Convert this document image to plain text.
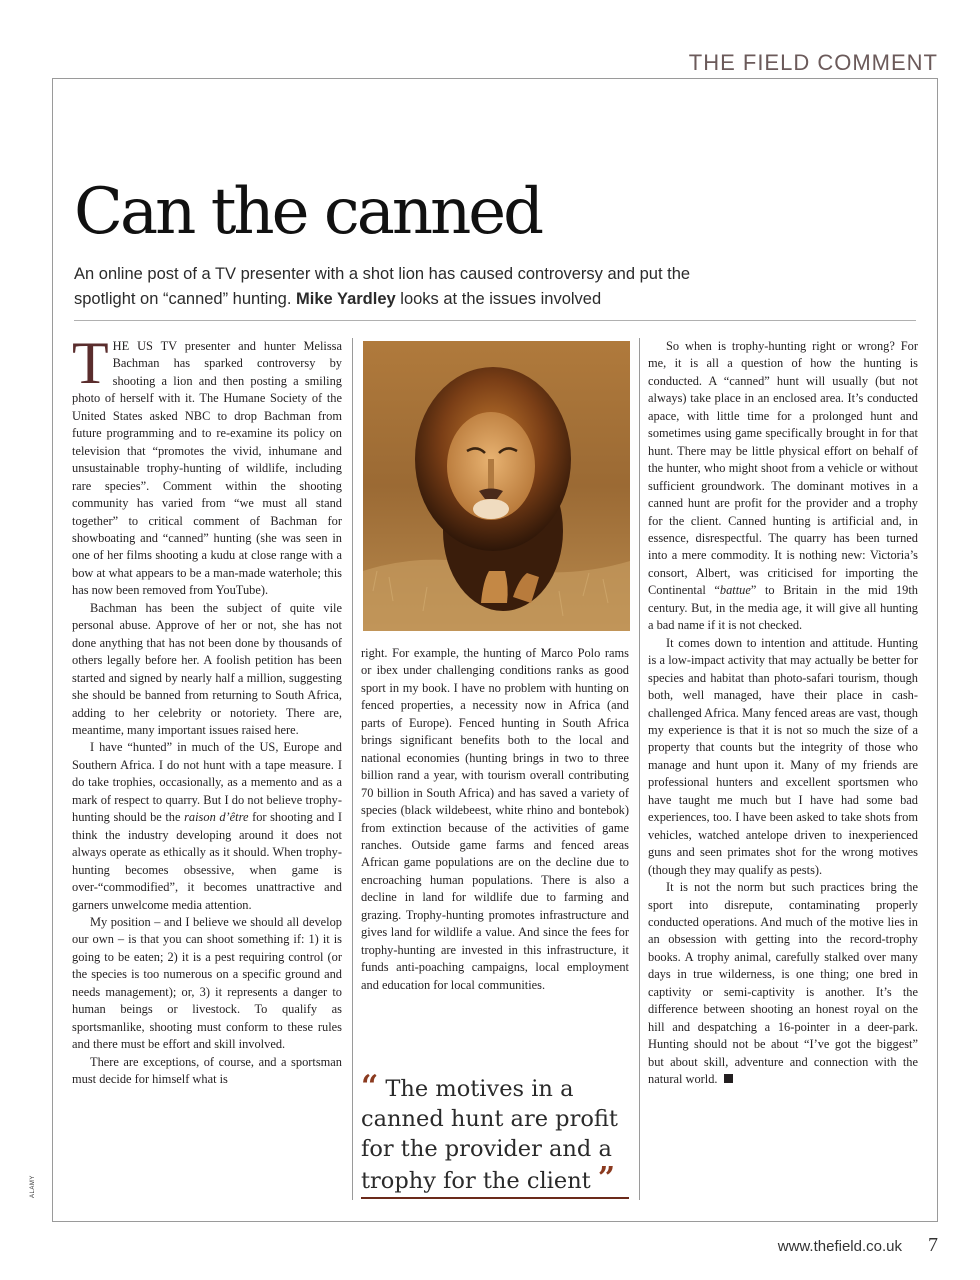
THE FIELD COMMENT
Can the canned

An online post of a TV presenter with a shot lion has caused controversy and put the spotlight on “canned” hunting. Mike Yardley looks at the issues involved

THE US TV presenter and hunter Melissa Bachman has sparked controversy by shooting a lion and then posting a smiling photo of herself with it. The Humane Society of the United States asked NBC to drop Bachman from future programming and to re-examine its policy on television that “promotes the vivid, inhumane and unsustainable trophy-hunting of wildlife, including rare species”. Comment within the shooting community has varied from “we must all stand together” to critical comment of Bachman for showboating and “canned” hunting (she was seen in one of her films shooting a kudu at close range with a bow at what appears to be a man-made waterhole; this has now been removed from YouTube).

Bachman has been the subject of quite vile personal abuse. Approve of her or not, she has not done anything that has not been done by thousands of others legally before her. A foolish petition has been started and signed by nearly half a million, suggesting she should be banned from returning to South Africa, adding to her celebrity or notoriety. There are, meantime, many important issues raised here.

I have “hunted” in much of the US, Europe and Southern Africa. I do not hunt with a tape measure. I do take trophies, occasionally, as a memento and as a mark of respect to quarry. But I do not believe trophy-hunting should be the raison d’être for shooting and I think the industry developing around it does not always operate as ethically as it should. When trophy-hunting becomes obsessive, when game is over-“commodified”, it becomes unattractive and garners unwelcome media attention.

My position – and I believe we should all develop our own – is that you can shoot something if: 1) it is going to be eaten; 2) it is a pest requiring control (or the species is too numerous on a specific ground and needs management); or, 3) it represents a danger to human beings or livestock. To qualify as sportsmanlike, shooting must conform to these rules and there must be effort and skill involved.

There are exceptions, of course, and a sportsman must decide for himself what is

right. For example, the hunting of Marco Polo rams or ibex under challenging conditions ranks as good sport in my book. I have no problem with hunting on fenced properties, a necessity now in Africa (and parts of Europe). Fenced hunting in South Africa brings significant benefits both to the local and national economies (hunting brings in two to three billion rand a year, with tourism overall contributing 70 billion in South Africa) and has saved a variety of species (black wildebeest, white rhino and bontebok) from extinction because of the activities of game ranches. Outside game farms and fenced areas African game populations are on the decline due to encroaching human populations. There is also a decline in land for wildlife due to farming and grazing. Trophy-hunting promotes infrastructure and gives land for wildlife a value. And since the fees for trophy-hunting are invested in this infrastructure, it funds anti-poaching campaigns, local employment and education for local communities.

“ The motives in a canned hunt are profit for the provider and a trophy for the client ”

So when is trophy-hunting right or wrong? For me, it is all a question of how the hunting is conducted. A “canned” hunt will usually (but not always) take place in an enclosed area. It’s conducted apace, with little time for a prolonged hunt and sometimes using game specifically brought in for that hunt. There may be little physical effort on behalf of the hunter, who might shoot from a vehicle or without sufficient groundwork. The dominant motives in a canned hunt are profit for the provider and a trophy for the client. Canned hunting is artificial and, in essence, disrespectful. The quarry has been turned into a mere commodity. It is nothing new: Victoria’s consort, Albert, was criticised for importing the Continental “battue” to Britain in the mid 19th century. But, in the media age, it will give all hunting a bad name if it is not checked.

It comes down to intention and attitude. Hunting is a low-impact activity that may actually be better for species and habitat than photo-safari tourism, though both, well managed, have their place in cash-challenged Africa. Many fenced areas are vast, though my experience is that it is not so much the size of a property that counts but the integrity of those who manage and hunt upon it. Many of my friends are professional hunters and excellent sportsmen who have taught me much but I have had some bad experiences, too. I have been asked to take shots from vehicles, watched antelope driven to inexperienced guns and seen primates shot for the wrong motives (though they may qualify as pests).

It is not the norm but such practices bring the sport into disrepute, contaminating properly conducted operations. And much of the motive lies in an obsession with getting into the record-trophy books. A trophy animal, carefully stalked over many days in true wilderness, is one thing; one bred in captivity or semi-captivity is another. It’s the difference between shooting an honest royal on the hill and despatching a 16-pointer in a deer-park. Hunting should not be about “I’ve got the biggest” but about skill, adventure and connection with the natural world.

ALAMY
www.thefield.co.uk 7
